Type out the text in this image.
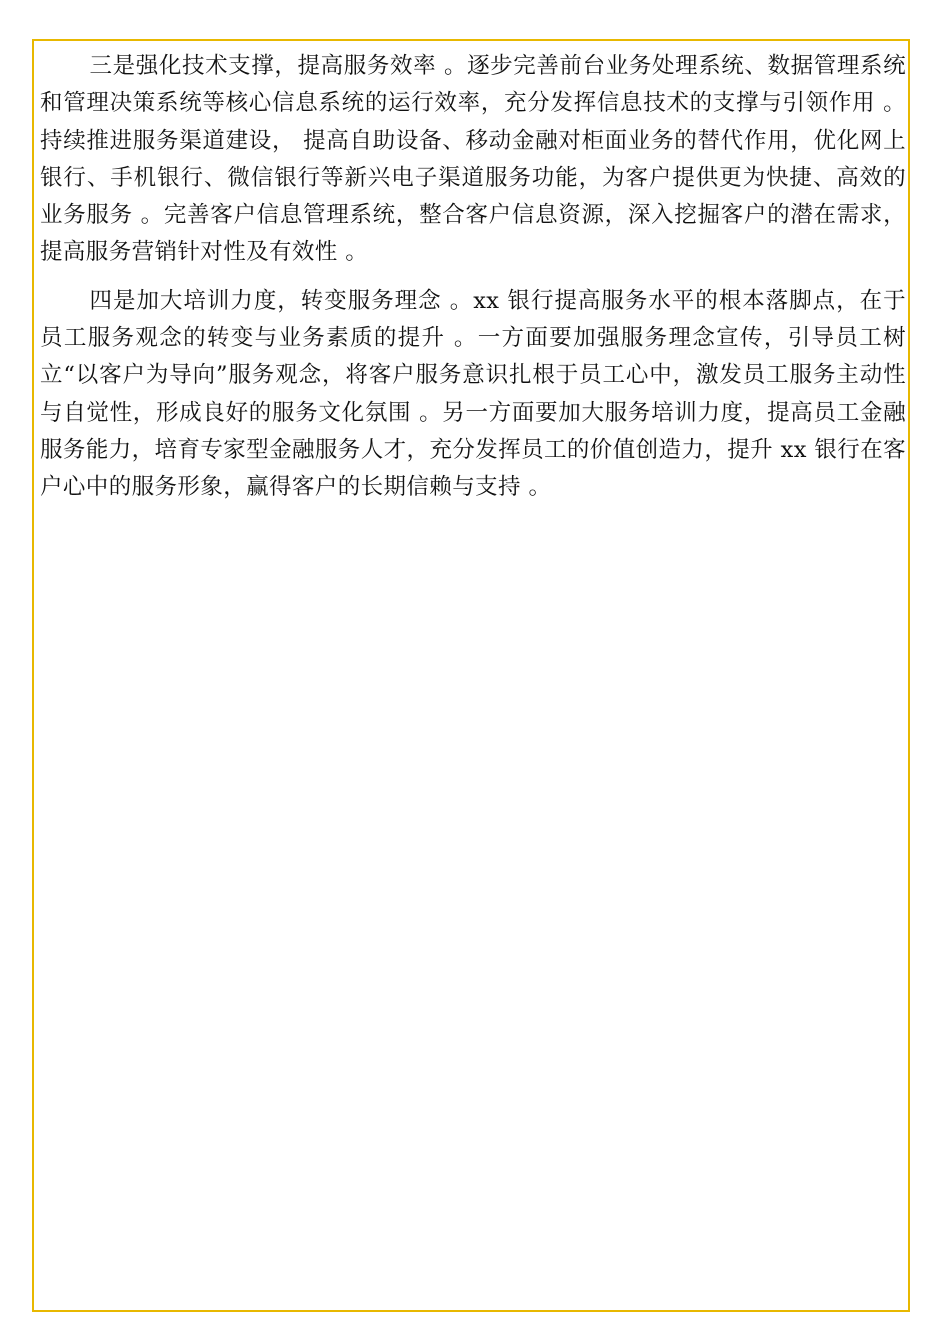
三是强化技术支撑，提高服务效率 。逐步完善前台业务处理系统、数据管理系统和管理决策系统等核心信息系统的运行效率，充分发挥信息技术的支撑与引领作用 。持续推进服务渠道建设， 提高自助设备、移动金融对柜面业务的替代作用，优化网上银行、手机银行、微信银行等新兴电子渠道服务功能，为客户提供更为快捷、高效的业务服务 。完善客户信息管理系统，整合客户信息资源，深入挖掘客户的潜在需求，提高服务营销针对性及有效性 。

四是加大培训力度，转变服务理念 。xx 银行提高服务水平的根本落脚点，在于员工服务观念的转变与业务素质的提升 。一方面要加强服务理念宣传，引导员工树立“以客户为导向”服务观念，将客户服务意识扎根于员工心中，激发员工服务主动性与自觉性，形成良好的服务文化氛围 。另一方面要加大服务培训力度，提高员工金融服务能力，培育专家型金融服务人才，充分发挥员工的价值创造力，提升 xx 银行在客户心中的服务形象，赢得客户的长期信赖与支持 。
